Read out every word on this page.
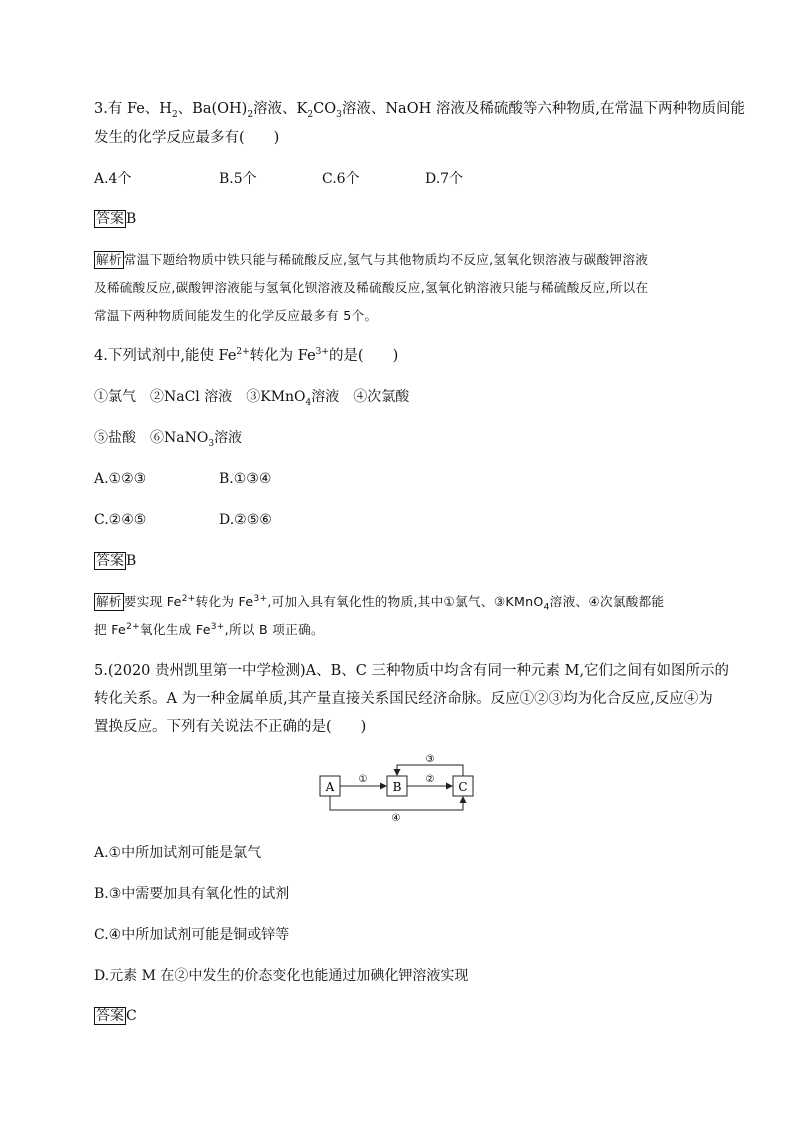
3.有 Fe、$H_2$、$Ba(OH)_2$溶液、$K_2CO_3$溶液、NaOH 溶液及稀硫酸等六种物质,在常温下两种物质间能
发生的化学反应最多有(　　)
A.4个	B.5个	C.6个	D.7个
答案 B
解析 常温下题给物质中铁只能与稀硫酸反应,氢气与其他物质均不反应,氢氧化钡溶液与碳酸钾溶液
及稀硫酸反应,碳酸钾溶液能与氢氧化钡溶液及稀硫酸反应,氢氧化钠溶液只能与稀硫酸反应,所以在
常温下两种物质间能发生的化学反应最多有 5个。
4.下列试剂中,能使 $Fe^{2+}$转化为 $Fe^{3+}$的是(　　)
①氯气　②NaCl 溶液　③KMnO$_4$溶液　④次氯酸
⑤盐酸　⑥NaNO$_3$溶液
A.①②③	B.①③④
C.②④⑤	D.②⑤⑥
答案 B
解析 要实现 $Fe^{2+}$转化为 $Fe^{3+}$,可加入具有氧化性的物质,其中①氯气、③KMnO$_4$溶液、④次氯酸都能
把 $Fe^{2+}$氧化生成 $Fe^{3+}$,所以 B 项正确。
5.(2020 贵州凯里第一中学检测)A、B、C 三种物质中均含有同一种元素 M,它们之间有如图所示的
转化关系。A 为一种金属单质,其产量直接关系国民经济命脉。反应①②③均为化合反应,反应④为
置换反应。下列有关说法不正确的是(　　)
A	B	C
①	②
③
④
A.①中所加试剂可能是氯气
B.③中需要加具有氧化性的试剂
C.④中所加试剂可能是铜或锌等
D.元素 M 在②中发生的价态变化也能通过加碘化钾溶液实现
答案 C
